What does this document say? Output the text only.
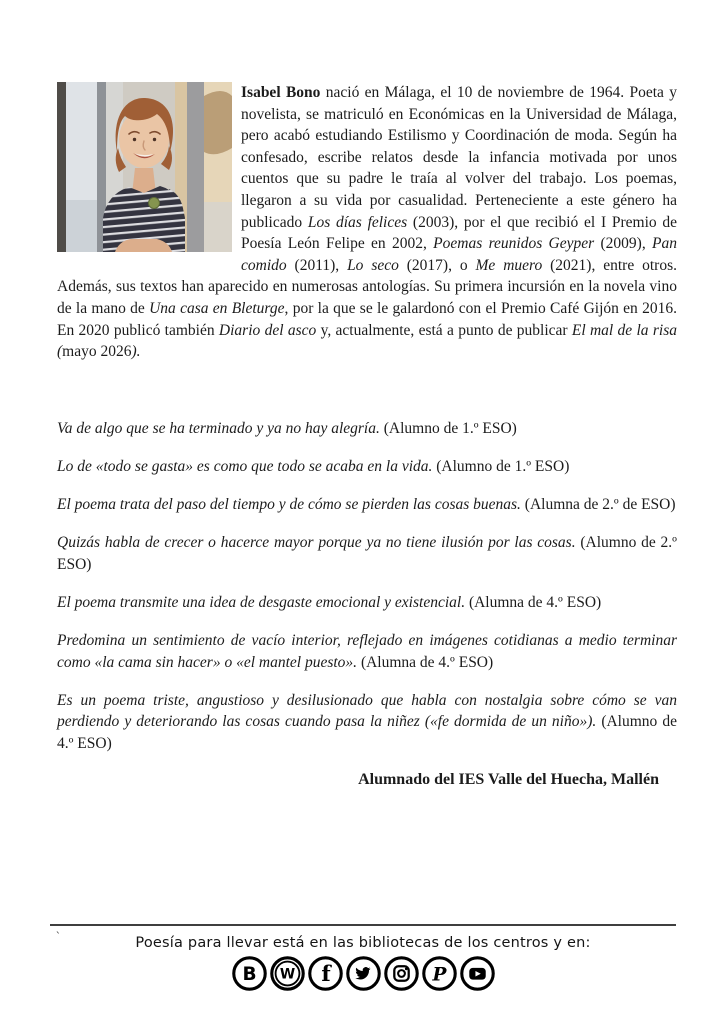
Isabel Bono nació en Málaga, el 10 de noviembre de 1964. Poeta y novelista, se matriculó en Económicas en la Universidad de Málaga, pero acabó estudiando Estilismo y Coordinación de moda. Según ha confesado, escribe relatos desde la infancia motivada por unos cuentos que su padre le traía al volver del trabajo. Los poemas, llegaron a su vida por casualidad. Perteneciente a este género ha publicado Los días felices (2003), por el que recibió el I Premio de Poesía León Felipe en 2002, Poemas reunidos Geyper (2009), Pan comido (2011), Lo seco (2017), o Me muero (2021), entre otros. Además, sus textos han aparecido en numerosas antologías. Su primera incursión en la novela vino de la mano de Una casa en Bleturge, por la que se le galardonó con el Premio Café Gijón en 2016. En 2020 publicó también Diario del asco y, actualmente, está a punto de publicar El mal de la risa (mayo 2026).

Va de algo que se ha terminado y ya no hay alegría. (Alumno de 1.º ESO)

Lo de «todo se gasta» es como que todo se acaba en la vida. (Alumno de 1.º ESO)

El poema trata del paso del tiempo y de cómo se pierden las cosas buenas. (Alumna de 2.º de ESO)

Quizás habla de crecer o hacerce mayor porque ya no tiene ilusión por las cosas. (Alumno de 2.º ESO)

El poema transmite una idea de desgaste emocional y existencial. (Alumna de 4.º ESO)

Predomina un sentimiento de vacío interior, reflejado en imágenes cotidianas a medio terminar como «la cama sin hacer» o «el mantel puesto». (Alumna de 4.º ESO)

Es un poema triste, angustioso y desilusionado que habla con nostalgia sobre cómo se van perdiendo y deteriorando las cosas cuando pasa la niñez («fe dormida de un niño»). (Alumno de 4.º ESO)

Alumnado del IES Valle del Huecha, Mallén

`	Poesía para llevar está en las bibliotecas de los centros y en:

B W f	P
